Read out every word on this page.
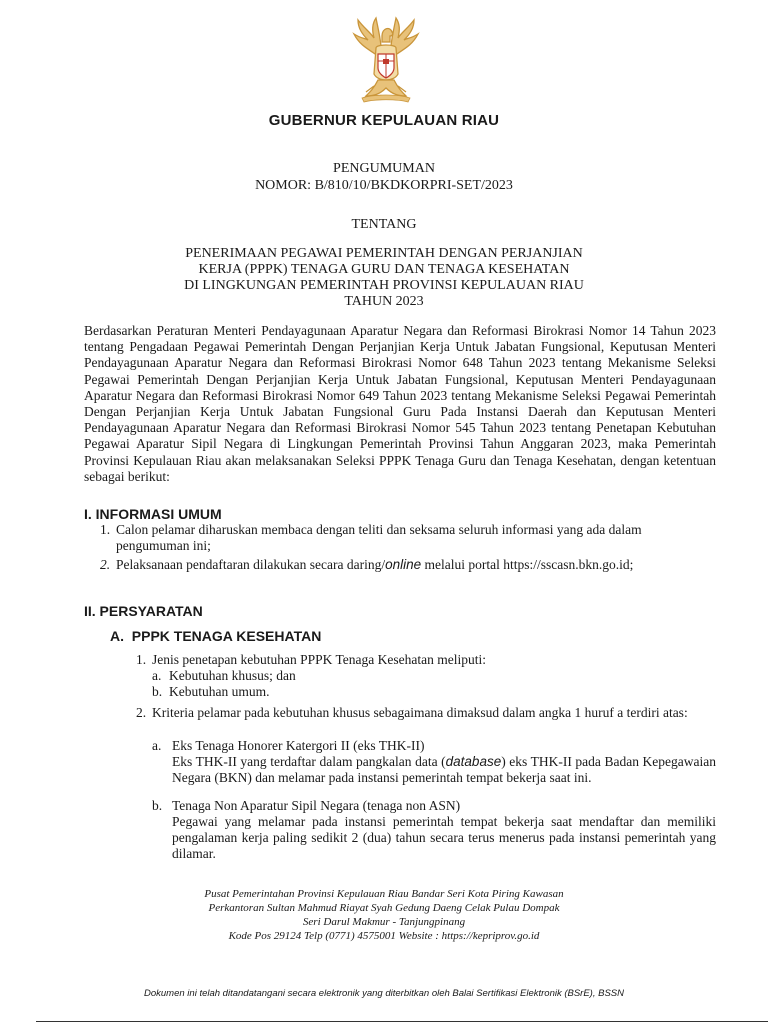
GUBERNUR KEPULAUAN RIAU
PENGUMUMAN
NOMOR: B/810/10/BKDKORPRI-SET/2023
TENTANG
PENERIMAAN PEGAWAI PEMERINTAH DENGAN PERJANJIAN
KERJA (PPPK) TENAGA GURU DAN TENAGA KESEHATAN
DI LINGKUNGAN PEMERINTAH PROVINSI KEPULAUAN RIAU
TAHUN 2023
Berdasarkan Peraturan Menteri Pendayagunaan Aparatur Negara dan Reformasi Birokrasi Nomor 14 Tahun 2023 tentang Pengadaan Pegawai Pemerintah Dengan Perjanjian Kerja Untuk Jabatan Fungsional, Keputusan Menteri Pendayagunaan Aparatur Negara dan Reformasi Birokrasi Nomor 648 Tahun 2023 tentang Mekanisme Seleksi Pegawai Pemerintah Dengan Perjanjian Kerja Untuk Jabatan Fungsional, Keputusan Menteri Pendayagunaan Aparatur Negara dan Reformasi Birokrasi Nomor 649 Tahun 2023 tentang Mekanisme Seleksi Pegawai Pemerintah Dengan Perjanjian Kerja Untuk Jabatan Fungsional Guru Pada Instansi Daerah dan Keputusan Menteri Pendayagunaan Aparatur Negara dan Reformasi Birokrasi Nomor 545 Tahun 2023 tentang Penetapan Kebutuhan Pegawai Aparatur Sipil Negara di Lingkungan Pemerintah Provinsi Tahun Anggaran 2023, maka Pemerintah Provinsi Kepulauan Riau akan melaksanakan Seleksi PPPK Tenaga Guru dan Tenaga Kesehatan, dengan ketentuan sebagai berikut:
I. INFORMASI UMUM
1. Calon pelamar diharuskan membaca dengan teliti dan seksama seluruh informasi yang ada dalam pengumuman ini;
2. Pelaksanaan pendaftaran dilakukan secara daring/online melalui portal https://sscasn.bkn.go.id;
II. PERSYARATAN
A.  PPPK TENAGA KESEHATAN
1. Jenis penetapan kebutuhan PPPK Tenaga Kesehatan meliputi:
a. Kebutuhan khusus; dan
b. Kebutuhan umum.
2. Kriteria pelamar pada kebutuhan khusus sebagaimana dimaksud dalam angka 1 huruf a terdiri atas:
a. Eks Tenaga Honorer Katergori II (eks THK-II)
Eks THK-II yang terdaftar dalam pangkalan data (database) eks THK-II pada Badan Kepegawaian Negara (BKN) dan melamar pada instansi pemerintah tempat bekerja saat ini.
b. Tenaga Non Aparatur Sipil Negara (tenaga non ASN)
Pegawai yang melamar pada instansi pemerintah tempat bekerja saat mendaftar dan memiliki pengalaman kerja paling sedikit 2 (dua) tahun secara terus menerus pada instansi pemerintah yang dilamar.
Pusat Pemerintahan Provinsi Kepulauan Riau Bandar Seri Kota Piring Kawasan
Perkantoran Sultan Mahmud Riayat Syah Gedung Daeng Celak Pulau Dompak
Seri Darul Makmur - Tanjungpinang
Kode Pos 29124 Telp (0771) 4575001 Website : https://kepriprov.go.id
Dokumen ini telah ditandatangani secara elektronik yang diterbitkan oleh Balai Sertifikasi Elektronik (BSrE), BSSN
